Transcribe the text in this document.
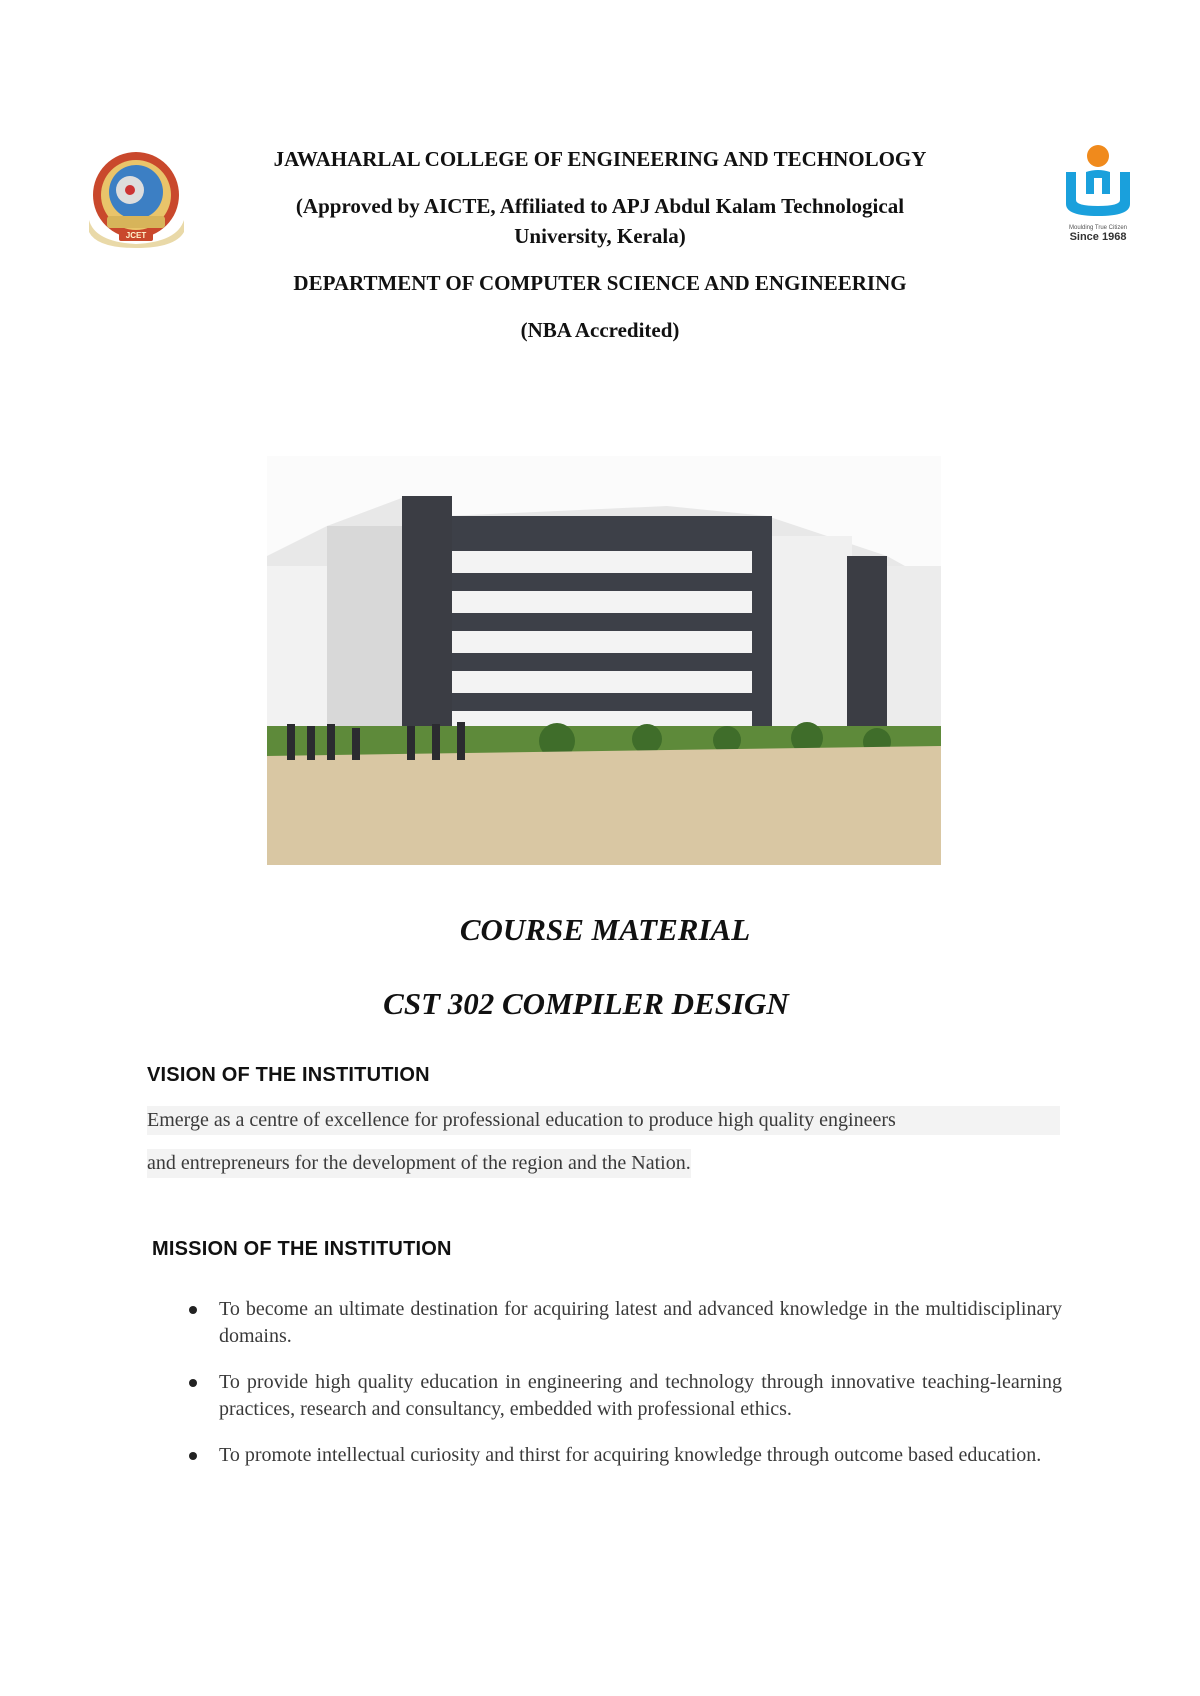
JCET
Moulding True Citizen
Since 1968
JAWAHARLAL COLLEGE OF ENGINEERING AND TECHNOLOGY
(Approved by AICTE, Affiliated to APJ Abdul Kalam Technological
University, Kerala)
DEPARTMENT OF COMPUTER SCIENCE AND ENGINEERING
(NBA Accredited)
COURSE MATERIAL
CST 302 COMPILER DESIGN
VISION OF THE INSTITUTION
Emerge as a centre of excellence for professional education to produce high quality engineers
and entrepreneurs for the development of the region and the Nation.
MISSION OF THE INSTITUTION
To become an ultimate destination for acquiring latest and advanced knowledge in the multidisciplinary domains.
To provide high quality education in engineering and technology through innovative teaching-learning practices, research and consultancy, embedded with professional ethics.
To promote intellectual curiosity and thirst for acquiring knowledge through outcome based education.
